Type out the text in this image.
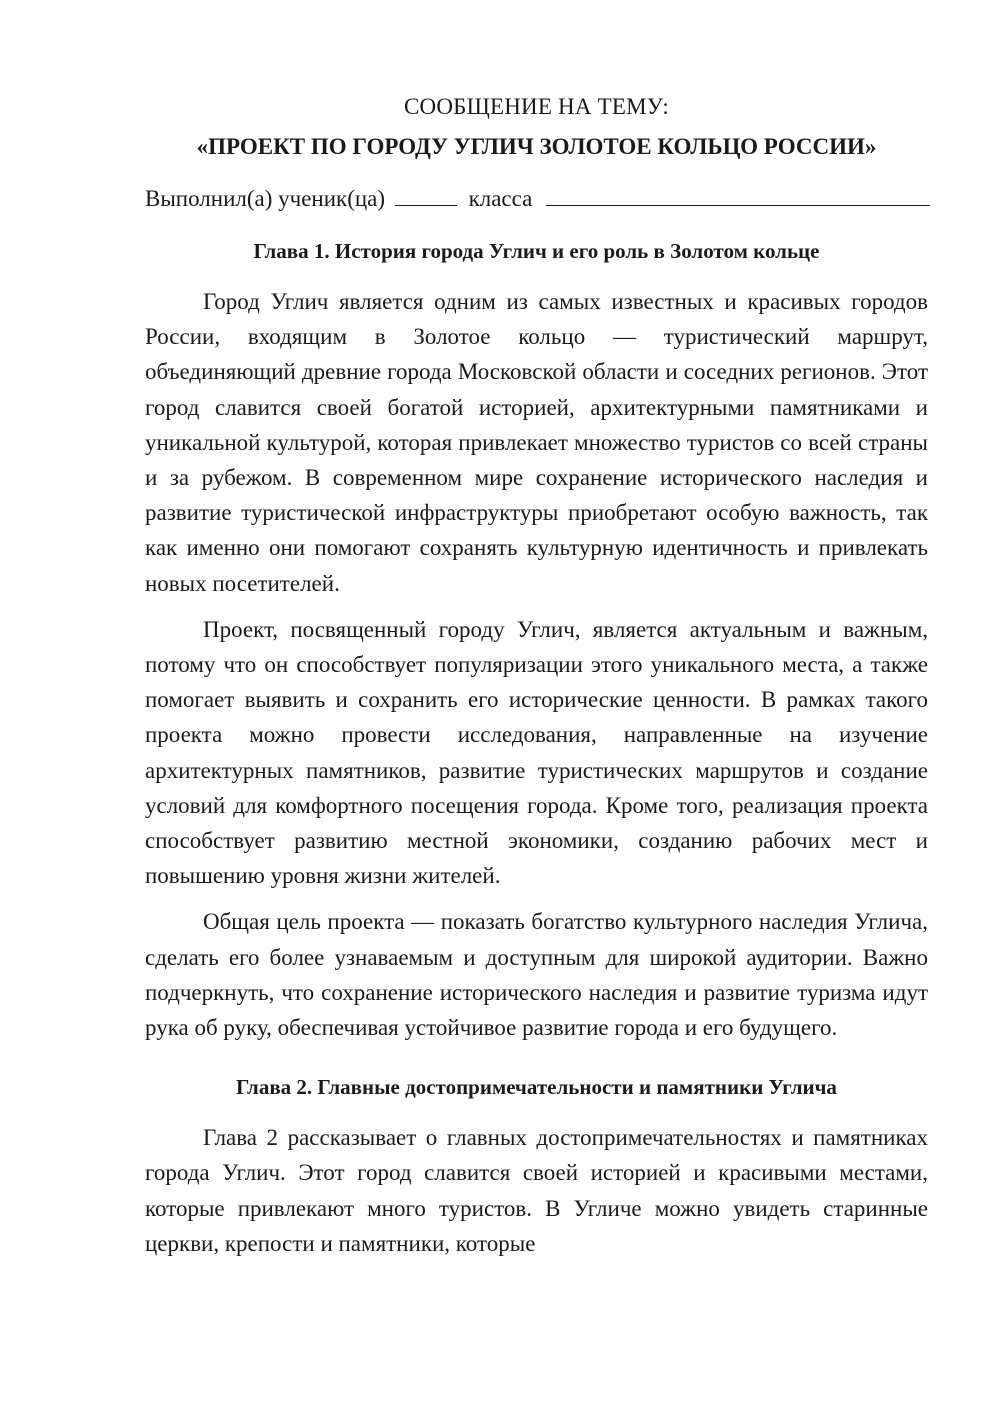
СООБЩЕНИЕ НА ТЕМУ:

«ПРОЕКТ ПО ГОРОДУ УГЛИЧ ЗОЛОТОЕ КОЛЬЦО РОССИИ»

Выполнил(а) ученик(ца)	класса

Глава 1. История города Углич и его роль в Золотом кольце

Город Углич является одним из самых известных и красивых городов России, входящим в Золотое кольцо — туристический маршрут, объединяющий древние города Московской области и соседних регионов. Этот город славится своей богатой историей, архитектурными памятниками и уникальной культурой, которая привлекает множество туристов со всей страны и за рубежом. В современном мире сохранение исторического наследия и развитие туристической инфраструктуры приобретают особую важность, так как именно они помогают сохранять культурную идентичность и привлекать новых посетителей.

Проект, посвященный городу Углич, является актуальным и важным, потому что он способствует популяризации этого уникального места, а также помогает выявить и сохранить его исторические ценности. В рамках такого проекта можно провести исследования, направленные на изучение архитектурных памятников, развитие туристических маршрутов и создание условий для комфортного посещения города. Кроме того, реализация проекта способствует развитию местной экономики, созданию рабочих мест и повышению уровня жизни жителей.

Общая цель проекта — показать богатство культурного наследия Углича, сделать его более узнаваемым и доступным для широкой аудитории. Важно подчеркнуть, что сохранение исторического наследия и развитие туризма идут рука об руку, обеспечивая устойчивое развитие города и его будущего.

Глава 2. Главные достопримечательности и памятники Углича

Глава 2 рассказывает о главных достопримечательностях и памятниках города Углич. Этот город славится своей историей и красивыми местами, которые привлекают много туристов. В Угличе можно увидеть старинные церкви, крепости и памятники, которые
